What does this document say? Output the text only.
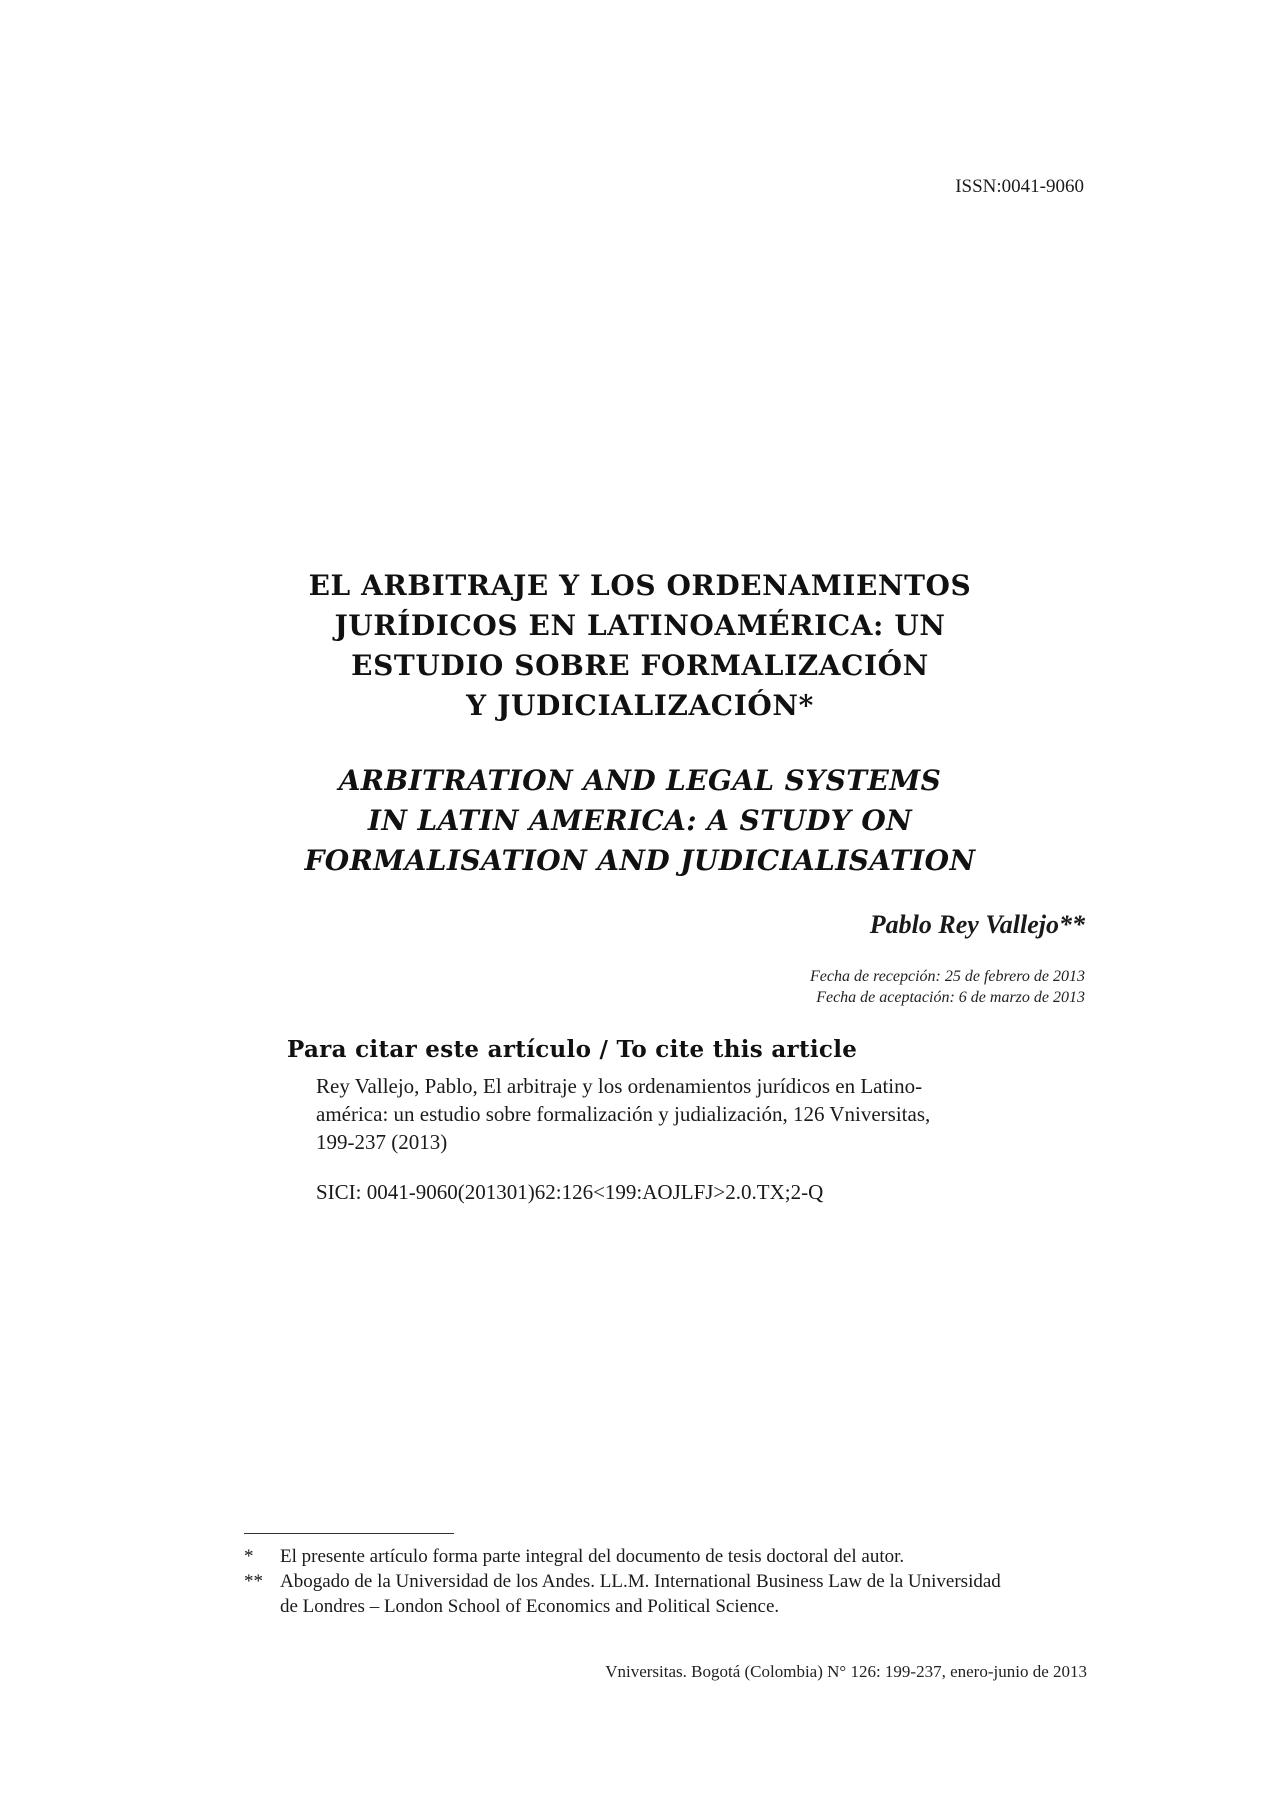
ISSN:0041-9060
EL ARBITRAJE Y LOS ORDENAMIENTOS
JURÍDICOS EN LATINOAMÉRICA: UN
ESTUDIO SOBRE FORMALIZACIÓN
Y JUDICIALIZACIÓN*
ARBITRATION AND LEGAL SYSTEMS
IN LATIN AMERICA: A STUDY ON
FORMALISATION AND JUDICIALISATION
Pablo Rey Vallejo**
Fecha de recepción: 25 de febrero de 2013
Fecha de aceptación: 6 de marzo de 2013
Para citar este artículo / To cite this article
Rey Vallejo, Pablo, El arbitraje y los ordenamientos jurídicos en Latino-
américa: un estudio sobre formalización y judialización, 126 Vniversitas,
199-237 (2013)
SICI: 0041-9060(201301)62:126<199:AOJLFJ>2.0.TX;2-Q
*	El presente artículo forma parte integral del documento de tesis doctoral del autor.
** Abogado de la Universidad de los Andes. LL.M. International Business Law de la Universidad
de Londres – London School of Economics and Political Science.
Vniversitas. Bogotá (Colombia) N° 126: 199-237, enero-junio de 2013
